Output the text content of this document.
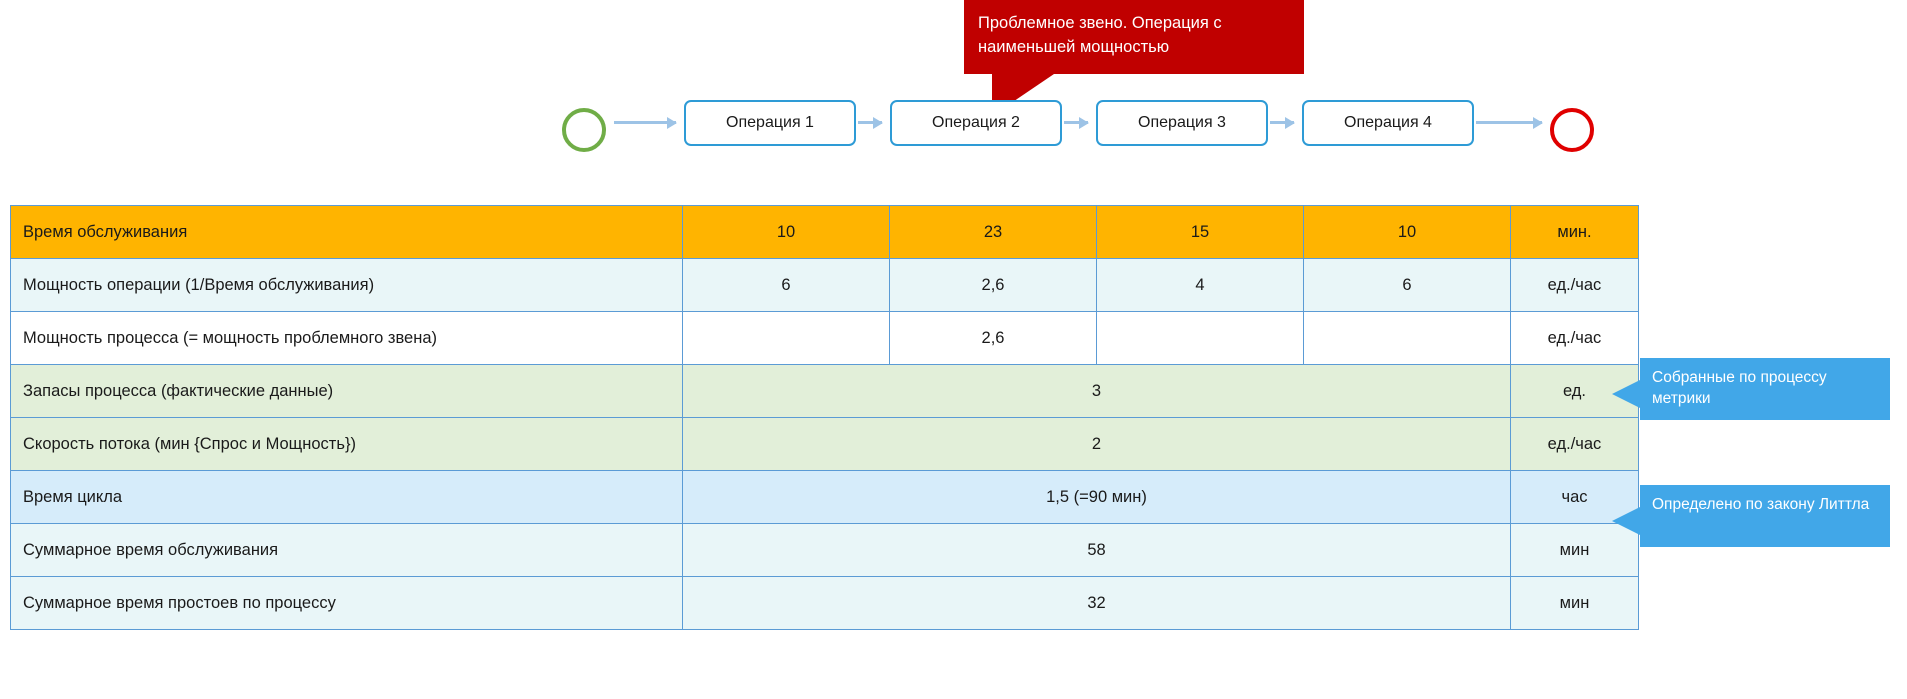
Проблемное звено. Операция с наименьшей мощностью
Операция 1	Операция 2	Операция 3	Операция 4
Время обслуживания	10	23	15	10	мин.
Мощность операции (1/Время обслуживания)	6	2,6	4	6	ед./час
Мощность процесса (= мощность проблемного звена)		2,6			ед./час
Запасы процесса (фактические данные)	3				ед.
Скорость потока (мин {Спрос и Мощность})	2				ед./час
Время цикла	1,5 (=90 мин)				час
Суммарное время обслуживания	58				мин
Суммарное время простоев по процессу	32				мин
Собранные по процессу метрики
Определено по закону Литтла
